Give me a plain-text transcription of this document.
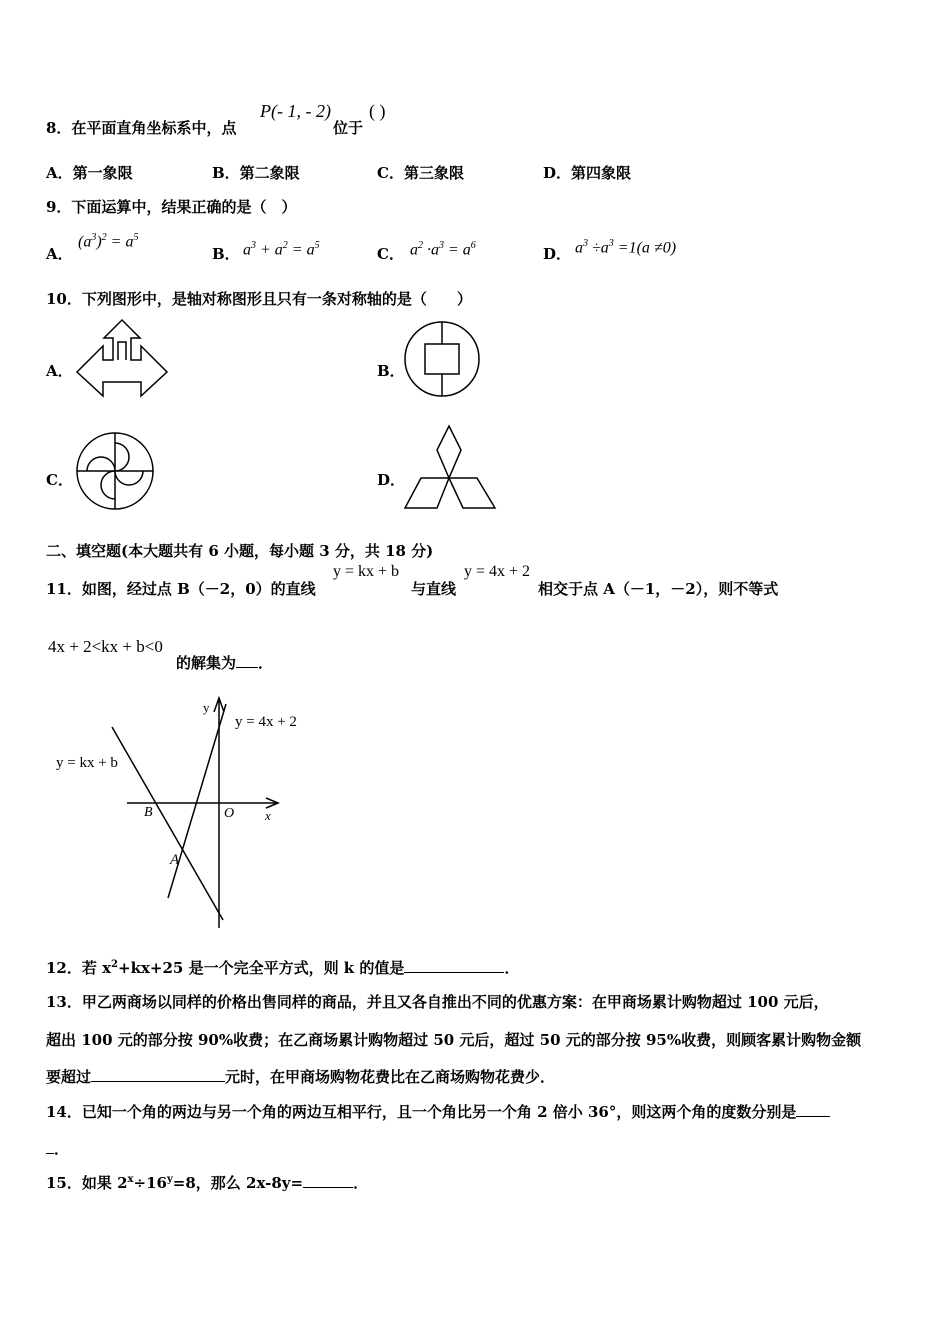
8．在平面直角坐标系中，点
P(- 1, - 2)
位于
( )
A．第一象限	B．第二象限	C．第三象限	D．第四象限
9．下面运算中，结果正确的是（　）
A．
$(a^3)^2 = a^5$
B． $a^3 + a^2 = a^5$	C． $a^2 \cdot a^3 = a^6$	D． $a^3 \div a^3 =1(a \ne 0)$
10．下列图形中，是轴对称图形且只有一条对称轴的是（　　）
A．	B．
C．	D．
二、填空题(本大题共有 6 小题，每小题 3 分，共 18 分)
11．如图，经过点 B（－2，0）的直线
y = kx + b
与直线
y = 4x + 2
相交于点 A（－1，－2），则不等式
4x + 2<kx + b<0
的解集为 ．
y
y = 4x + 2
y = kx + b
B	O x
A
12．若 $x^2+kx+25$ 是一个完全平方式，则 k 的值是	．
13．甲乙两商场以同样的价格出售同样的商品，并且又各自推出不同的优惠方案：在甲商场累计购物超过 100 元后，
超出 100 元的部分按 90%收费；在乙商场累计购物超过 50 元后，超过 50 元的部分按 95%收费，则顾客累计购物金额
要超过	元时，在甲商场购物花费比在乙商场购物花费少．
14．已知一个角的两边与另一个角的两边互相平行，且一个角比另一个角 2 倍小 36°，则这两个角的度数分别是
．
15．如果 $2^x\div 16^y=8$，那么 2x-8y=	．
